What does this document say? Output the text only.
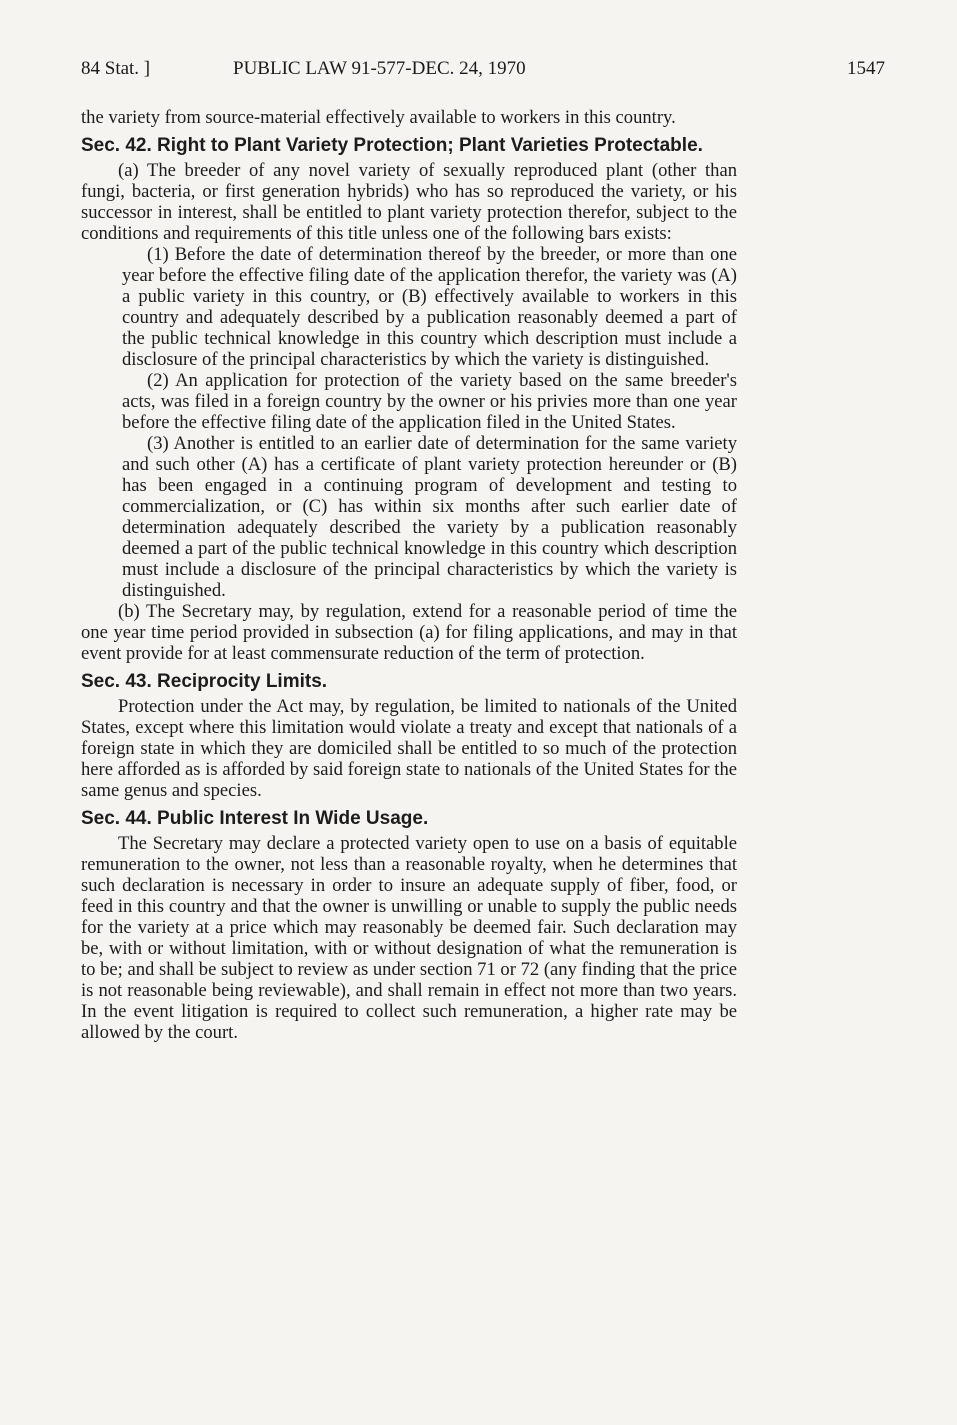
84 Stat. ]	PUBLIC LAW 91-577-DEC. 24, 1970	1547

the variety from source-material effectively available to workers in this country.

Sec. 42. Right to Plant Variety Protection; Plant Varieties Protectable.

(a) The breeder of any novel variety of sexually reproduced plant (other than fungi, bacteria, or first generation hybrids) who has so reproduced the variety, or his successor in interest, shall be entitled to plant variety protection therefor, subject to the conditions and requirements of this title unless one of the following bars exists:

(1) Before the date of determination thereof by the breeder, or more than one year before the effective filing date of the application therefor, the variety was (A) a public variety in this country, or (B) effectively available to workers in this country and adequately described by a publication reasonably deemed a part of the public technical knowledge in this country which description must include a disclosure of the principal characteristics by which the variety is distinguished.

(2) An application for protection of the variety based on the same breeder's acts, was filed in a foreign country by the owner or his privies more than one year before the effective filing date of the application filed in the United States.

(3) Another is entitled to an earlier date of determination for the same variety and such other (A) has a certificate of plant variety protection hereunder or (B) has been engaged in a continuing program of development and testing to commercialization, or (C) has within six months after such earlier date of determination adequately described the variety by a publication reasonably deemed a part of the public technical knowledge in this country which description must include a disclosure of the principal characteristics by which the variety is distinguished.

(b) The Secretary may, by regulation, extend for a reasonable period of time the one year time period provided in subsection (a) for filing applications, and may in that event provide for at least commensurate reduction of the term of protection.

Sec. 43. Reciprocity Limits.

Protection under the Act may, by regulation, be limited to nationals of the United States, except where this limitation would violate a treaty and except that nationals of a foreign state in which they are domiciled shall be entitled to so much of the protection here afforded as is afforded by said foreign state to nationals of the United States for the same genus and species.

Sec. 44. Public Interest In Wide Usage.

The Secretary may declare a protected variety open to use on a basis of equitable remuneration to the owner, not less than a reasonable royalty, when he determines that such declaration is necessary in order to insure an adequate supply of fiber, food, or feed in this country and that the owner is unwilling or unable to supply the public needs for the variety at a price which may reasonably be deemed fair. Such declaration may be, with or without limitation, with or without designation of what the remuneration is to be; and shall be subject to review as under section 71 or 72 (any finding that the price is not reasonable being reviewable), and shall remain in effect not more than two years. In the event litigation is required to collect such remuneration, a higher rate may be allowed by the court.
